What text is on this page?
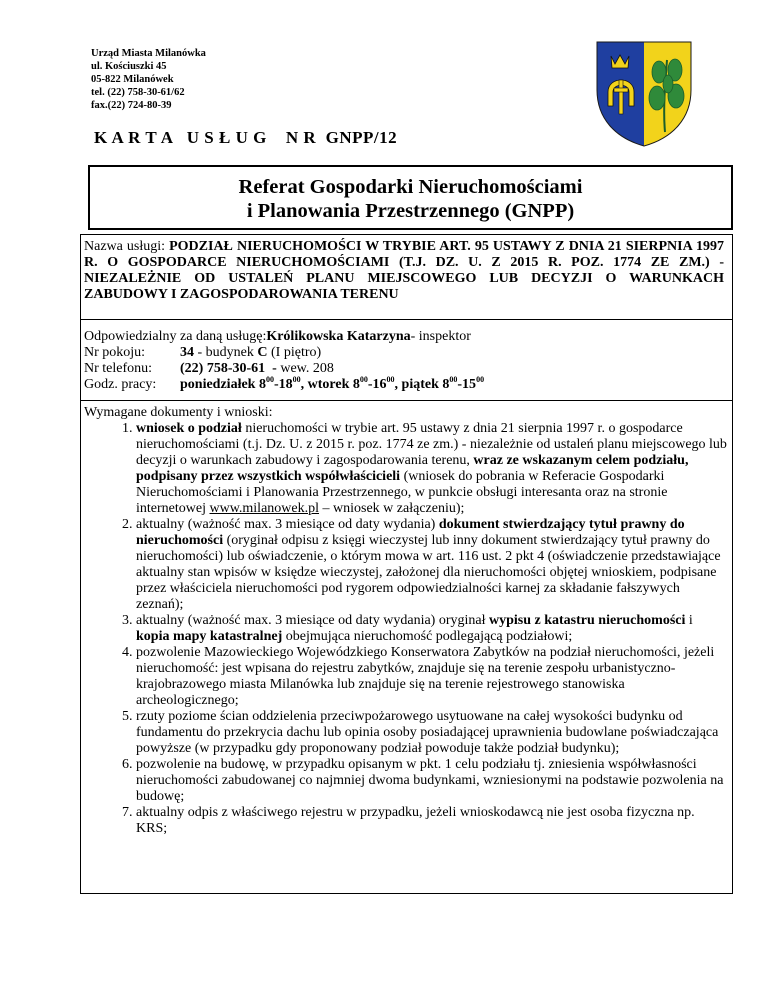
Urząd Miasta Milanówka
ul. Kościuszki 45
05-822 Milanówek
tel. (22) 758-30-61/62
fax.(22) 724-80-39
K A R T A   U S Ł U G    N R  GNPP/12
Referat Gospodarki Nieruchomościami
i Planowania Przestrzennego (GNPP)
Nazwa usługi: PODZIAŁ NIERUCHOMOŚCI W TRYBIE ART. 95 USTAWY Z DNIA 21 SIERPNIA 1997 R. O GOSPODARCE NIERUCHOMOŚCIAMI (T.J. DZ. U. Z 2015 R. POZ. 1774 ZE ZM.) - NIEZALEŻNIE OD USTALEŃ PLANU MIEJSCOWEGO LUB DECYZJI O WARUNKACH ZABUDOWY I ZAGOSPODAROWANIA TERENU
Odpowiedzialny za daną usługę: Królikowska Katarzyna - inspektor
Nr pokoju:	34 - budynek C (I piętro)
Nr telefonu:	(22) 758-30-61  - wew. 208
Godz. pracy:	poniedziałek $8^{00}-18^{00}$, wtorek $8^{00}-16^{00}$, piątek $8^{00}-15^{00}$
Wymagane dokumenty i wnioski:
1. wniosek o podział nieruchomości w trybie art. 95 ustawy z dnia 21 sierpnia 1997 r. o gospodarce nieruchomościami (t.j. Dz. U. z 2015 r. poz. 1774 ze zm.) - niezależnie od ustaleń planu miejscowego lub decyzji o warunkach zabudowy i zagospodarowania terenu, wraz ze wskazanym celem podziału, podpisany przez wszystkich współwłaścicieli (wniosek do pobrania w Referacie Gospodarki Nieruchomościami i Planowania Przestrzennego, w punkcie obsługi interesanta oraz na stronie internetowej www.milanowek.pl – wniosek w załączeniu);
2. aktualny (ważność max. 3 miesiące od daty wydania) dokument stwierdzający tytuł prawny do nieruchomości (oryginał odpisu z księgi wieczystej lub inny dokument stwierdzający tytuł prawny do nieruchomości) lub oświadczenie, o którym mowa w art. 116 ust. 2 pkt 4 (oświadczenie przedstawiające aktualny stan wpisów w księdze wieczystej, założonej dla nieruchomości objętej wnioskiem, podpisane przez właściciela nieruchomości pod rygorem odpowiedzialności karnej za składanie fałszywych zeznań);
3. aktualny (ważność max. 3 miesiące od daty wydania) oryginał wypisu z katastru nieruchomości i kopia mapy katastralnej obejmująca nieruchomość podlegającą podziałowi;
4. pozwolenie Mazowieckiego Wojewódzkiego Konserwatora Zabytków na podział nieruchomości, jeżeli nieruchomość: jest wpisana do rejestru zabytków, znajduje się na terenie zespołu urbanistyczno-krajobrazowego miasta Milanówka lub znajduje się na terenie rejestrowego stanowiska archeologicznego;
5. rzuty poziome ścian oddzielenia przeciwpożarowego usytuowane na całej wysokości budynku od fundamentu do przekrycia dachu lub opinia osoby posiadającej uprawnienia budowlane poświadczająca powyższe (w przypadku gdy proponowany podział powoduje także podział budynku);
6. pozwolenie na budowę, w przypadku opisanym w pkt. 1 celu podziału tj. zniesienia współwłasności nieruchomości zabudowanej co najmniej dwoma budynkami, wzniesionymi na podstawie pozwolenia na budowę;
7. aktualny odpis z właściwego rejestru w przypadku, jeżeli wnioskodawcą nie jest osoba fizyczna np. KRS;
